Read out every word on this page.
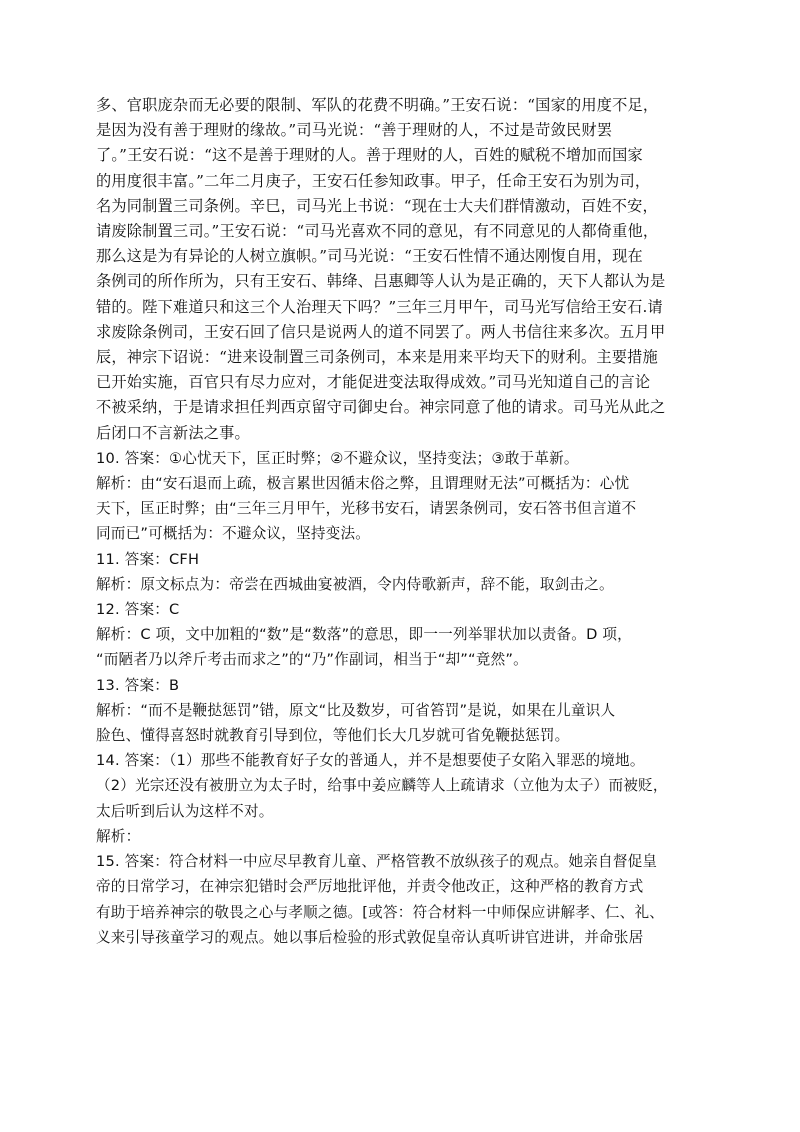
多、官职庞杂而无必要的限制、军队的花费不明确。”王安石说：“国家的用度不足，
是因为没有善于理财的缘故。”司马光说：“善于理财的人，不过是苛敛民财罢
了。”王安石说：“这不是善于理财的人。善于理财的人，百姓的赋税不增加而国家
的用度很丰富。”二年二月庚子，王安石任参知政事。甲子，任命王安石为别为司，
名为同制置三司条例。辛巳，司马光上书说：“现在士大夫们群情激动，百姓不安，
请废除制置三司。”王安石说：“司马光喜欢不同的意见，有不同意见的人都倚重他，
那么这是为有异论的人树立旗帜。”司马光说：“王安石性情不通达刚愎自用，现在
条例司的所作所为，只有王安石、韩绛、吕惠卿等人认为是正确的，天下人都认为是
错的。陛下难道只和这三个人治理天下吗？”三年三月甲午，司马光写信给王安石.请
求废除条例司，王安石回了信只是说两人的道不同罢了。两人书信往来多次。五月甲
辰，神宗下诏说：“进来设制置三司条例司，本来是用来平均天下的财利。主要措施
已开始实施，百官只有尽力应对，才能促进变法取得成效。”司马光知道自己的言论
不被采纳，于是请求担任判西京留守司御史台。神宗同意了他的请求。司马光从此之
后闭口不言新法之事。
10. 答案：①心忧天下，匡正时弊；②不避众议，坚持变法；③敢于革新。
解析：由“安石退而上疏，极言累世因循末俗之弊，且谓理财无法”可概括为：心忧
天下，匡正时弊；由“三年三月甲午，光移书安石，请罢条例司，安石答书但言道不
同而已”可概括为：不避众议，坚持变法。
11. 答案：CFH
解析：原文标点为：帝尝在西城曲宴被酒，令内侍歌新声，辞不能，取剑击之。
12. 答案：C
解析：C 项，文中加粗的“数”是“数落”的意思，即一一列举罪状加以责备。D 项，
“而陋者乃以斧斤考击而求之”的“乃”作副词，相当于“却”“竟然”。
13. 答案：B
解析：“而不是鞭挞惩罚”错，原文“比及数岁，可省笞罚”是说，如果在儿童识人
脸色、懂得喜怒时就教育引导到位，等他们长大几岁就可省免鞭挞惩罚。
14. 答案：（1）那些不能教育好子女的普通人，并不是想要使子女陷入罪恶的境地。
（2）光宗还没有被册立为太子时，给事中姜应麟等人上疏请求（立他为太子）而被贬，
太后听到后认为这样不对。
解析：
15. 答案：符合材料一中应尽早教育儿童、严格管教不放纵孩子的观点。她亲自督促皇
帝的日常学习，在神宗犯错时会严厉地批评他，并责令他改正，这种严格的教育方式
有助于培养神宗的敬畏之心与孝顺之德。[或答：符合材料一中师保应讲解孝、仁、礼、
义来引导孩童学习的观点。她以事后检验的形式敦促皇帝认真听讲官进讲，并命张居
